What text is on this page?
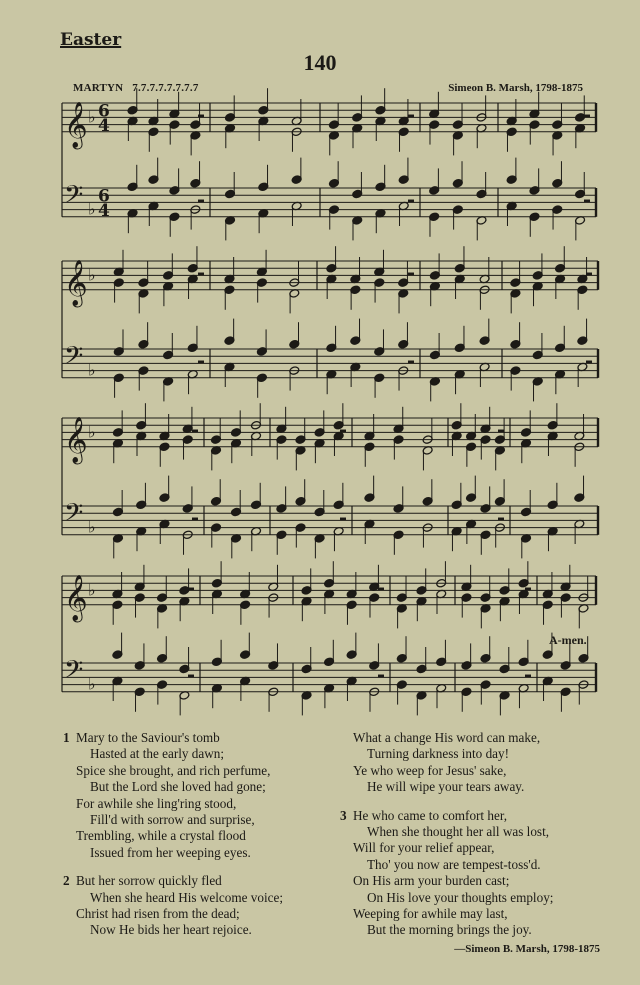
Easter
140
MARTYN 7.7.7.7.7.7.7.7	Simeon B. Marsh, 1798-1875
𝄞 ♭ 6
4
𝄢 ♭
6
4
𝄞 ♭
𝄢 ♭
𝄞 ♭
𝄢 ♭
𝄞 ♭
𝄢 ♭
A-men.
1 Mary to the Saviour's tomb
Hasted at the early dawn;
Spice she brought, and rich perfume,
But the Lord she loved had gone;
For awhile she ling'ring stood,
Fill'd with sorrow and surprise,
Trembling, while a crystal flood
Issued from her weeping eyes.
2 But her sorrow quickly fled
When she heard His welcome voice;
Christ had risen from the dead;
Now He bids her heart rejoice.
What a change His word can make,
Turning darkness into day!
Ye who weep for Jesus' sake,
He will wipe your tears away.
3 He who came to comfort her,
When she thought her all was lost,
Will for your relief appear,
Tho' you now are tempest-toss'd.
On His arm your burden cast;
On His love your thoughts employ;
Weeping for awhile may last,
But the morning brings the joy.
—Simeon B. Marsh, 1798-1875
